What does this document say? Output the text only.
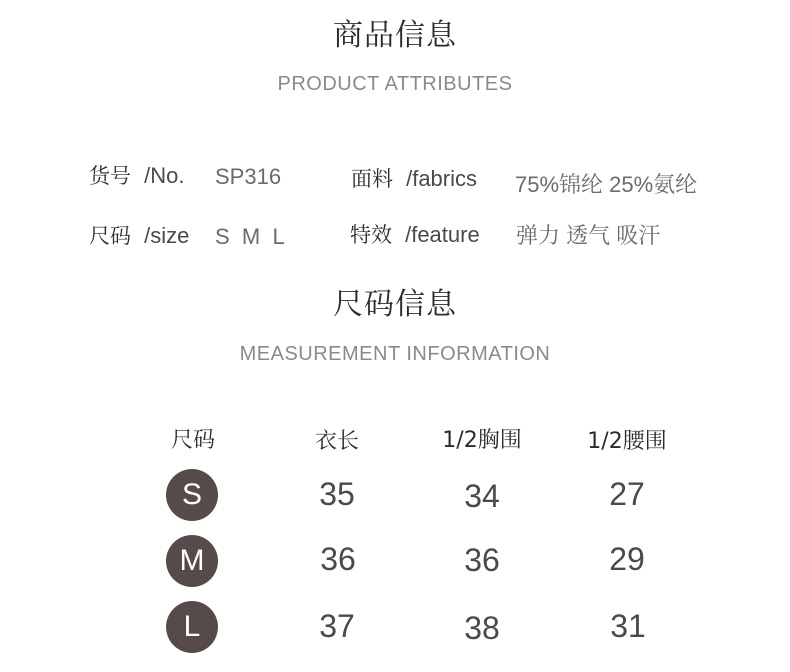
商品信息
PRODUCT ATTRIBUTES
货号 /No. SP316	面料 /fabrics 75%锦纶 25%氨纶
尺码 /size S  M  L	特效 /feature 弹力 透气 吸汗
尺码信息
MEASUREMENT INFORMATION
尺码	衣长	1/2胸围	1/2腰围
S	35	34	27
M	36	36	29
L	37	38	31
